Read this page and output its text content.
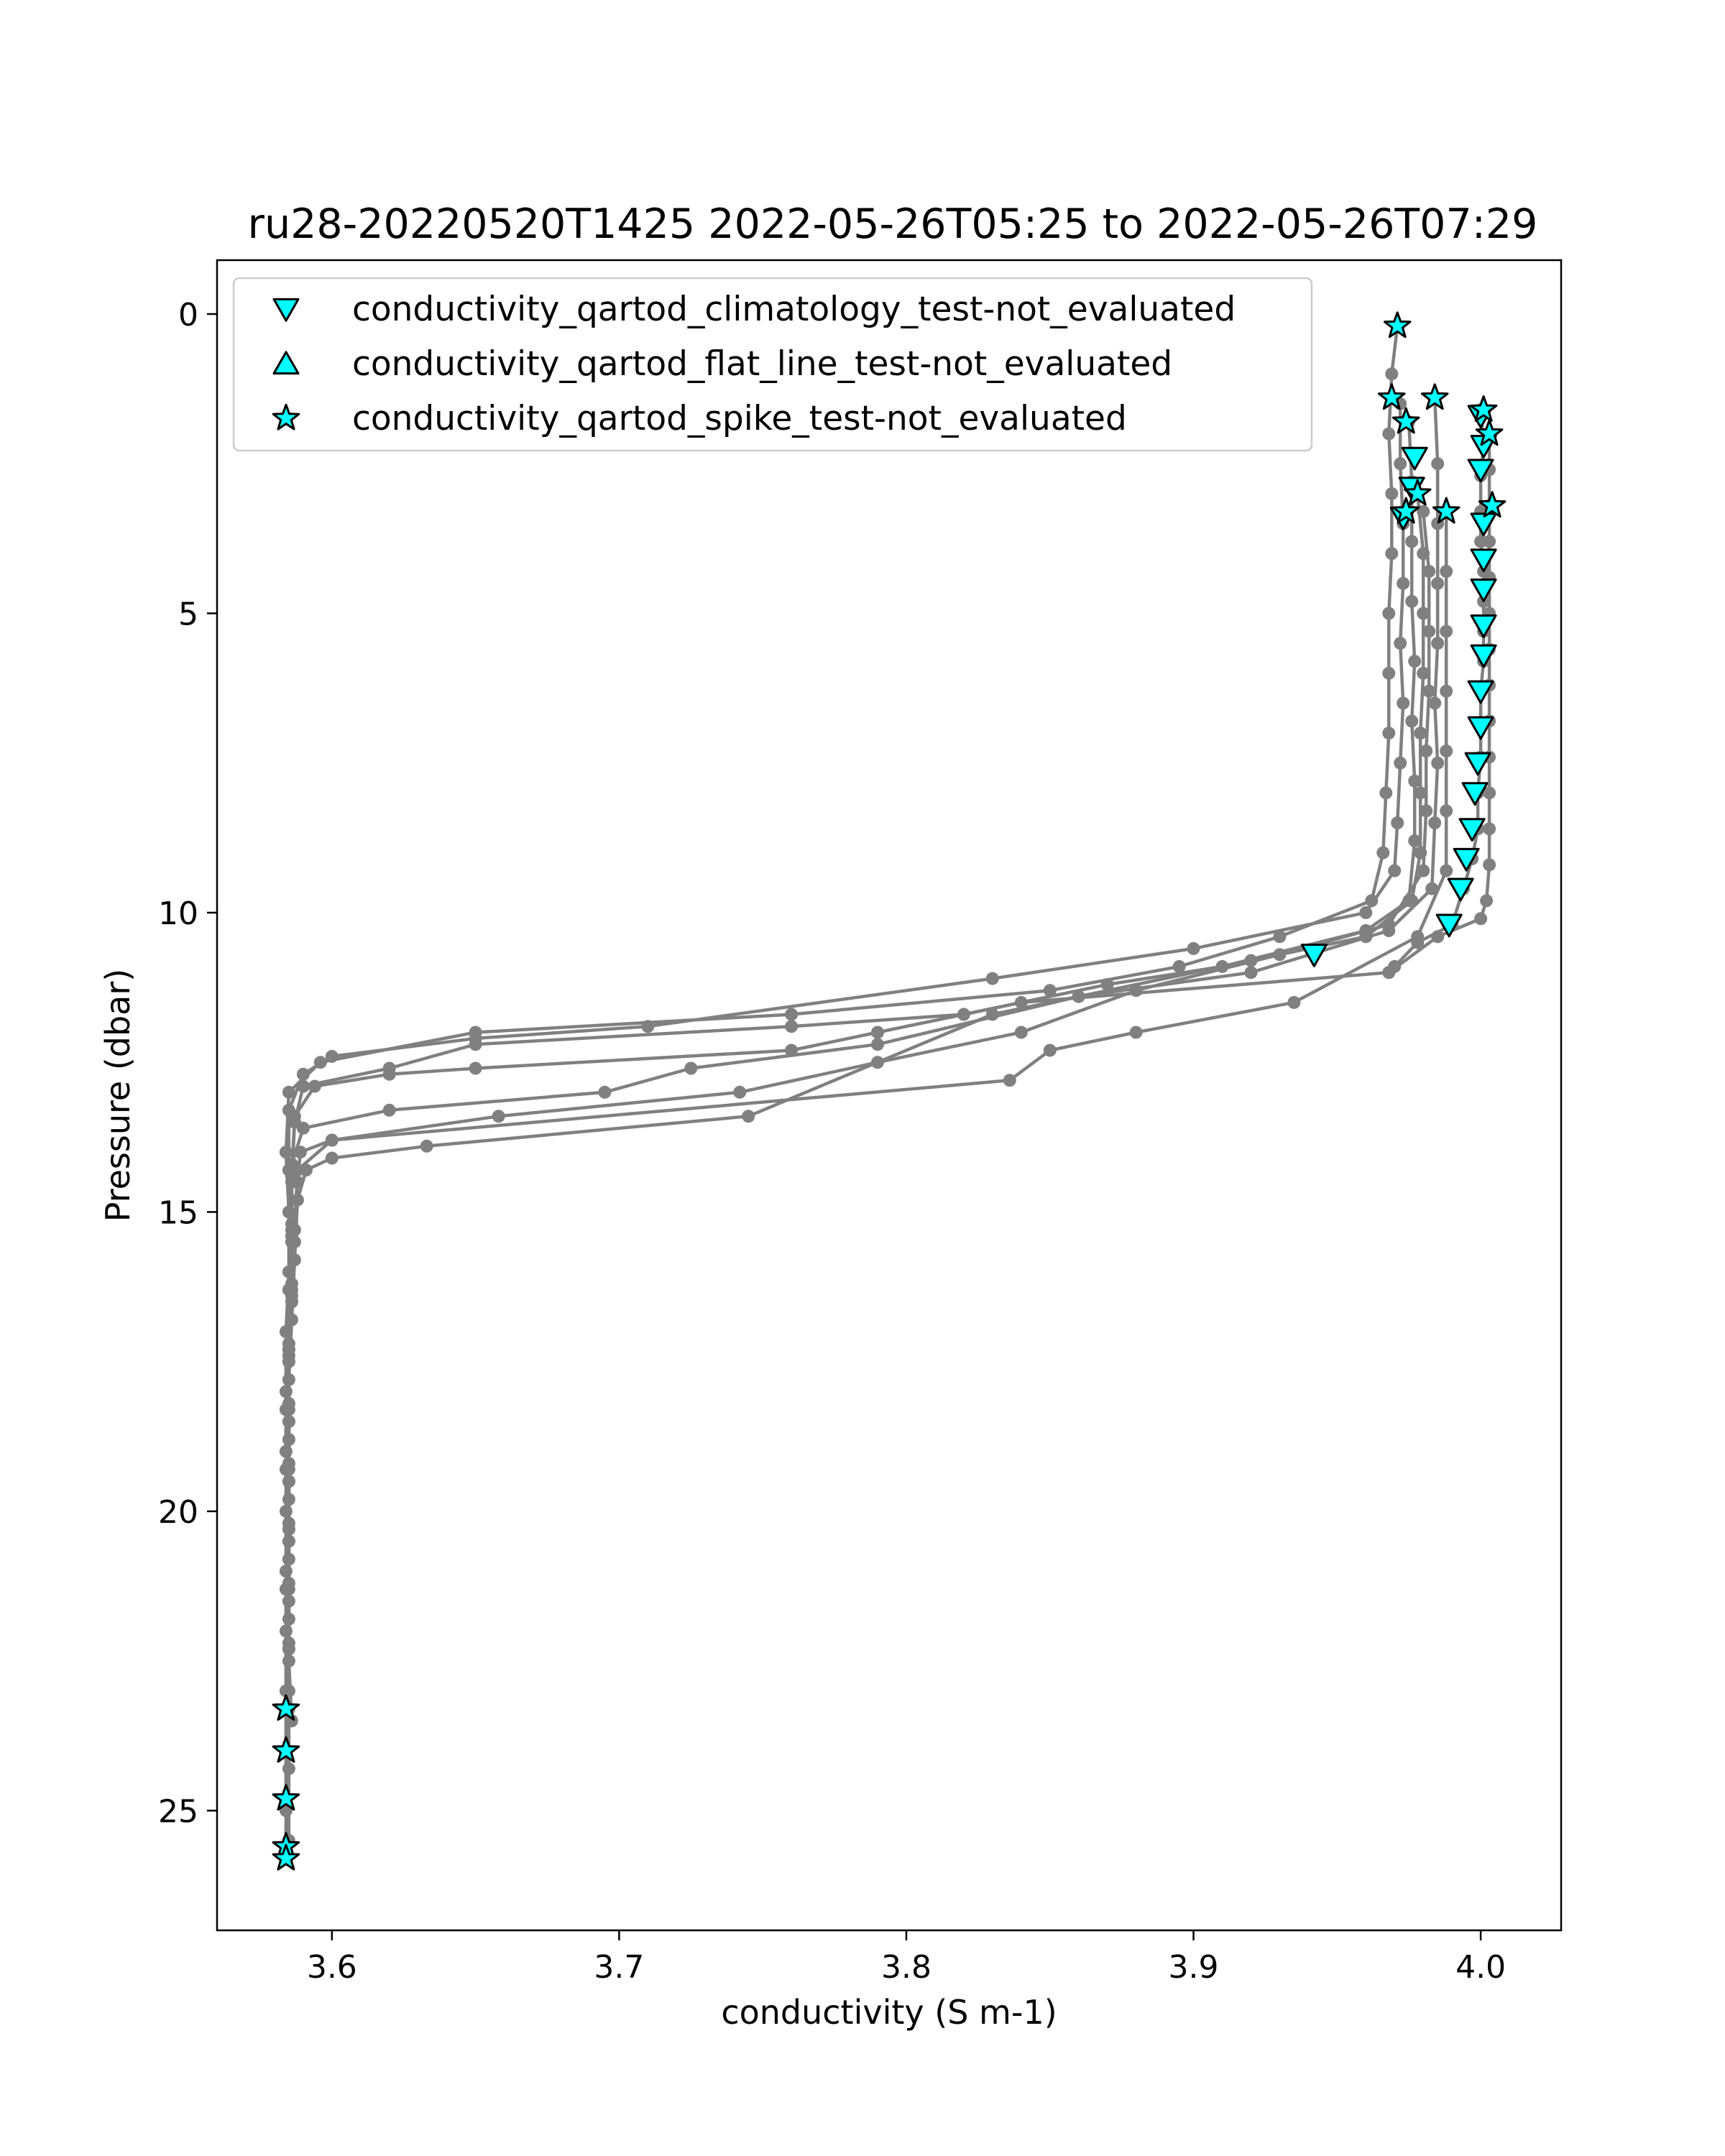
ru28-20220520T1425 2022-05-26T05:25 to 2022-05-26T07:29
3.6	3.7	3.8	3.9	4.0
0
5
10
15
20
25
conductivity (S m-1)
Pressure (dbar)
conductivity_qartod_climatology_test-not_evaluated
conductivity_qartod_flat_line_test-not_evaluated
conductivity_qartod_spike_test-not_evaluated
